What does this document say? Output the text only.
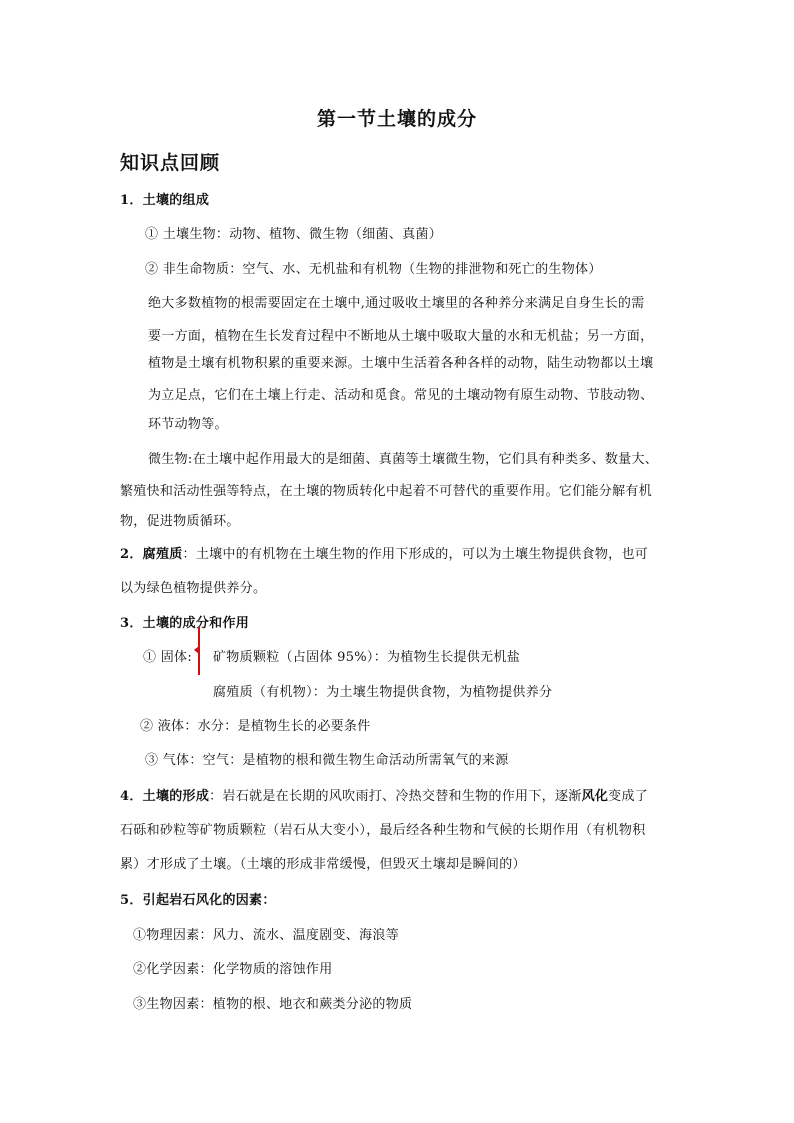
第一节土壤的成分
知识点回顾
1．土壤的组成
① 土壤生物：动物、植物、微生物（细菌、真菌）
② 非生命物质：空气、水、无机盐和有机物（生物的排泄物和死亡的生物体）
绝大多数植物的根需要固定在土壤中,通过吸收土壤里的各种养分来满足自身生长的需
要一方面，植物在生长发育过程中不断地从土壤中吸取大量的水和无机盐；另一方面，
植物是土壤有机物积累的重要来源。土壤中生活着各种各样的动物，陆生动物都以土壤
为立足点，它们在土壤上行走、活动和觅食。常见的土壤动物有原生动物、节肢动物、
环节动物等。
微生物:在土壤中起作用最大的是细菌、真菌等土壤微生物，它们具有种类多、数量大、
繁殖快和活动性强等特点，在土壤的物质转化中起着不可替代的重要作用。它们能分解有机
物，促进物质循环。
2．腐殖质：土壤中的有机物在土壤生物的作用下形成的，可以为土壤生物提供食物，也可
以为绿色植物提供养分。
3．土壤的成分和作用
① 固体: 矿物质颗粒（占固体 95%）：为植物生长提供无机盐
腐殖质（有机物）：为土壤生物提供食物，为植物提供养分
② 液体：水分：是植物生长的必要条件
③ 气体：空气：是植物的根和微生物生命活动所需氧气的来源
4．土壤的形成：岩石就是在长期的风吹雨打、冷热交替和生物的作用下，逐渐风化变成了
石砾和砂粒等矿物质颗粒（岩石从大变小），最后经各种生物和气候的长期作用（有机物积
累）才形成了土壤。（土壤的形成非常缓慢，但毁灭土壤却是瞬间的）
5．引起岩石风化的因素：
①物理因素：风力、流水、温度剧变、海浪等
②化学因素：化学物质的溶蚀作用
③生物因素：植物的根、地衣和蕨类分泌的物质
